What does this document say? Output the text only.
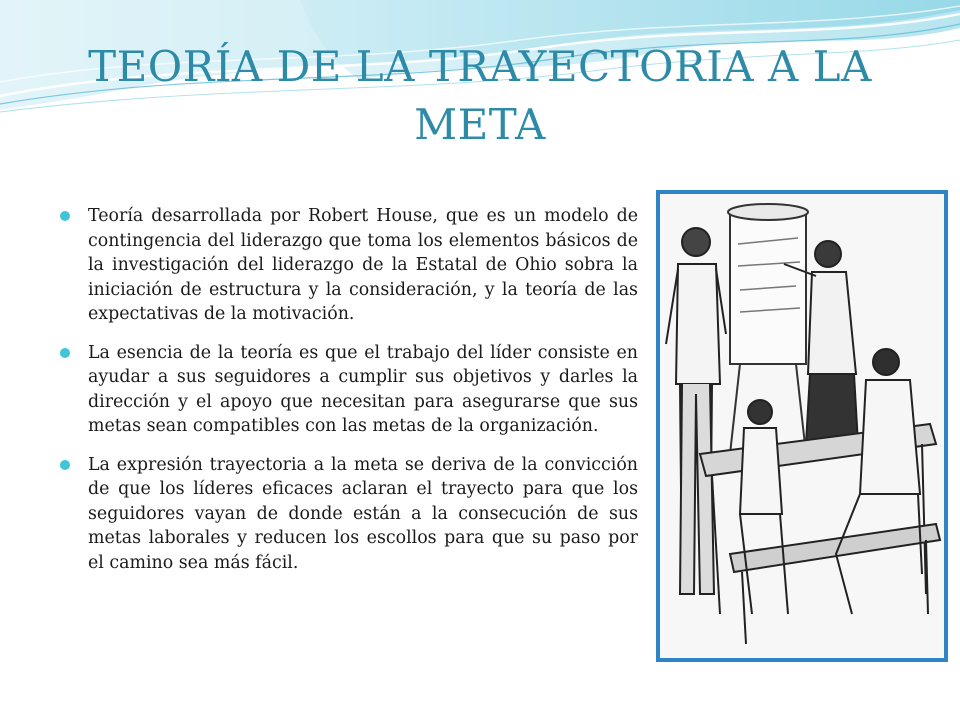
TEORÍA DE LA TRAYECTORIA A LA META
Teoría desarrollada por Robert House, que es un modelo de contingencia del liderazgo que toma los elementos básicos de la investigación del liderazgo de la Estatal de Ohio sobra la iniciación de estructura y la consideración, y la teoría de las expectativas de la motivación.
La esencia de la teoría es que el trabajo del líder consiste en ayudar a sus seguidores a cumplir sus objetivos y darles la dirección y el apoyo que necesitan para asegurarse que sus metas sean compatibles con las metas de la organización.
La expresión trayectoria a la meta se deriva de la convicción de que los líderes eficaces aclaran el trayecto para que los seguidores vayan de donde están a la consecución de sus metas laborales y reducen los escollos para que su paso por el camino sea más fácil.
